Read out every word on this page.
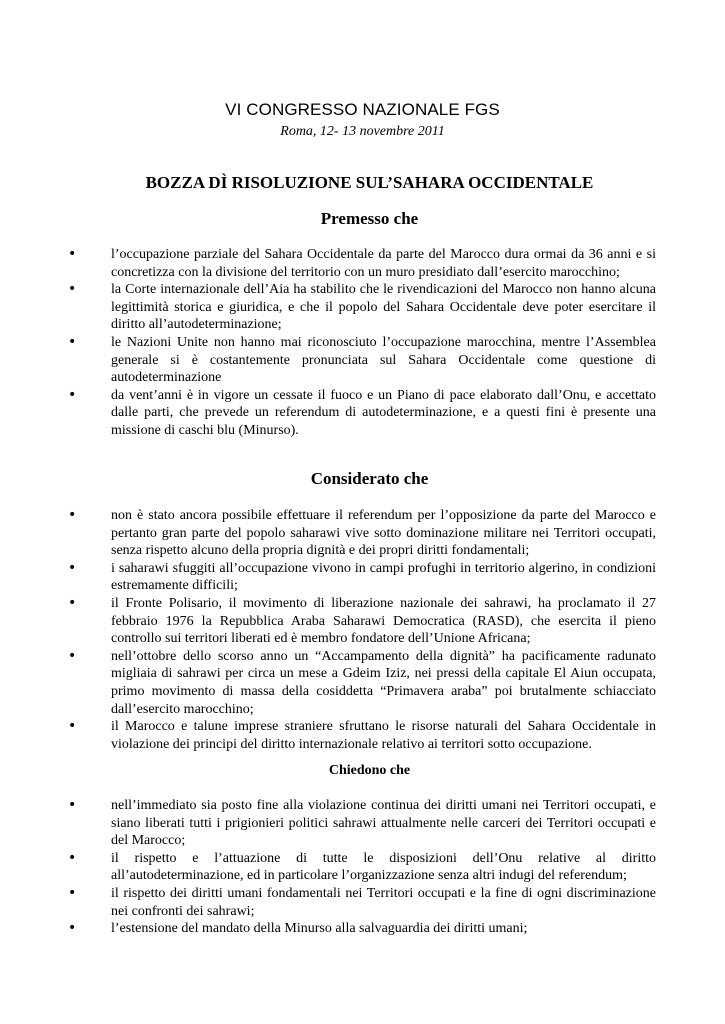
VI CONGRESSO NAZIONALE FGS
Roma, 12- 13 novembre 2011
BOZZA DÌ RISOLUZIONE SUL’SAHARA OCCIDENTALE
Premesso che
• l’occupazione parziale del Sahara Occidentale da parte del Marocco dura ormai da 36 anni e si concretizza con la divisione del territorio con un muro presidiato dall’esercito marocchino;
• la Corte internazionale dell’Aia ha stabilito che le rivendicazioni del Marocco non hanno alcuna legittimità storica e giuridica, e che il popolo del Sahara Occidentale deve poter esercitare il diritto all’autodeterminazione;
• le Nazioni Unite non hanno mai riconosciuto l’occupazione marocchina, mentre l’Assemblea generale si è costantemente pronunciata sul Sahara Occidentale come questione di autodeterminazione
• da vent’anni è in vigore un cessate il fuoco e un Piano di pace elaborato dall’Onu, e accettato dalle parti, che prevede un referendum di autodeterminazione, e a questi fini è presente una missione di caschi blu (Minurso).
Considerato che
• non è stato ancora possibile effettuare il referendum per l’opposizione da parte del Marocco e pertanto gran parte del popolo saharawi vive sotto dominazione militare nei Territori occupati, senza rispetto alcuno della propria dignità e dei propri diritti fondamentali;
• i saharawi sfuggiti all’occupazione vivono in campi profughi in territorio algerino, in condizioni estremamente difficili;
• il Fronte Polisario, il movimento di liberazione nazionale dei sahrawi, ha proclamato il 27 febbraio 1976 la Repubblica Araba Saharawi Democratica (RASD), che esercita il pieno controllo sui territori liberati ed è membro fondatore dell’Unione Africana;
• nell’ottobre dello scorso anno un “Accampamento della dignità” ha pacificamente radunato migliaia di sahrawi per circa un mese a Gdeim Iziz, nei pressi della capitale El Aiun occupata, primo movimento di massa della cosiddetta “Primavera araba” poi brutalmente schiacciato dall’esercito marocchino;
• il Marocco e talune imprese straniere sfruttano le risorse naturali del Sahara Occidentale in violazione dei principi del diritto internazionale relativo ai territori sotto occupazione.
Chiedono che
• nell’immediato sia posto fine alla violazione continua dei diritti umani nei Territori occupati, e siano liberati tutti i prigionieri politici sahrawi attualmente nelle carceri dei Territori occupati e del Marocco;
• il rispetto e l’attuazione di tutte le disposizioni dell’Onu relative al diritto all’autodeterminazione, ed in particolare l’organizzazione senza altri indugi del referendum;
• il rispetto dei diritti umani fondamentali nei Territori occupati e la fine di ogni discriminazione nei confronti dei sahrawi;
• l’estensione del mandato della Minurso alla salvaguardia dei diritti umani;
